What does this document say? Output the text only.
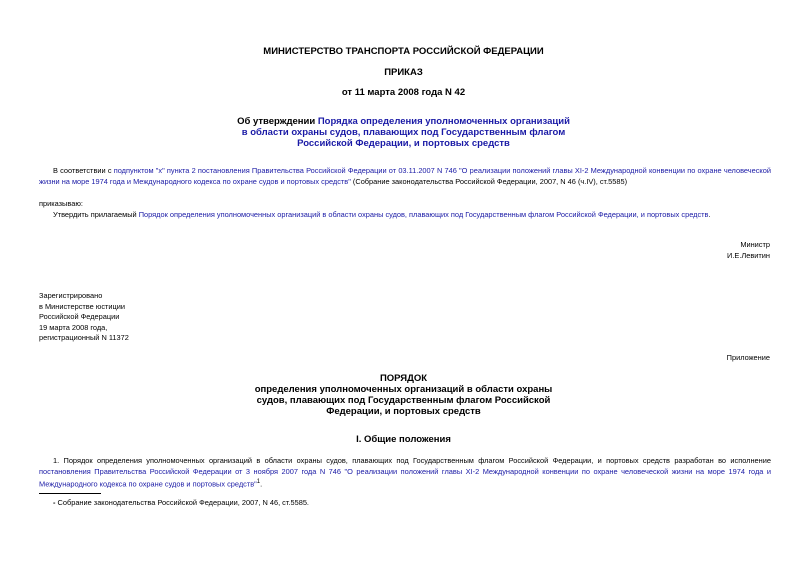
МИНИСТЕРСТВО ТРАНСПОРТА РОССИЙСКОЙ ФЕДЕРАЦИИ
ПРИКАЗ
от 11 марта 2008 года N 42
Об утверждении Порядка определения уполномоченных организаций
в области охраны судов, плавающих под Государственным флагом
Российской Федерации, и портовых средств
В соответствии с подпунктом "х" пункта 2 постановления Правительства Российской Федерации от 03.11.2007 N 746 "О реализации положений главы XI-2 Международной конвенции по охране человеческой жизни на море 1974 года и Международного кодекса по охране судов и портовых средств" (Собрание законодательства Российской Федерации, 2007, N 46 (ч.IV), ст.5585)
приказываю:
Утвердить прилагаемый Порядок определения уполномоченных организаций в области охраны судов, плавающих под Государственным флагом Российской Федерации, и портовых средств.
Министр
И.Е.Левитин
Зарегистрировано
в Министерстве юстиции
Российской Федерации
19 марта 2008 года,
регистрационный N 11372
Приложение
ПОРЯДОК
определения уполномоченных организаций в области охраны
судов, плавающих под Государственным флагом Российской
Федерации, и портовых средств
I. Общие положения
1. Порядок определения уполномоченных организаций в области охраны судов, плавающих под Государственным флагом Российской Федерации, и портовых средств разработан во исполнение постановления Правительства Российской Федерации от 3 ноября 2007 года N 746 "О реализации положений главы XI-2 Международной конвенции по охране человеческой жизни на море 1974 года и Международного кодекса по охране судов и портовых средств"$^1$.
- Собрание законодательства Российской Федерации, 2007, N 46, ст.5585.
